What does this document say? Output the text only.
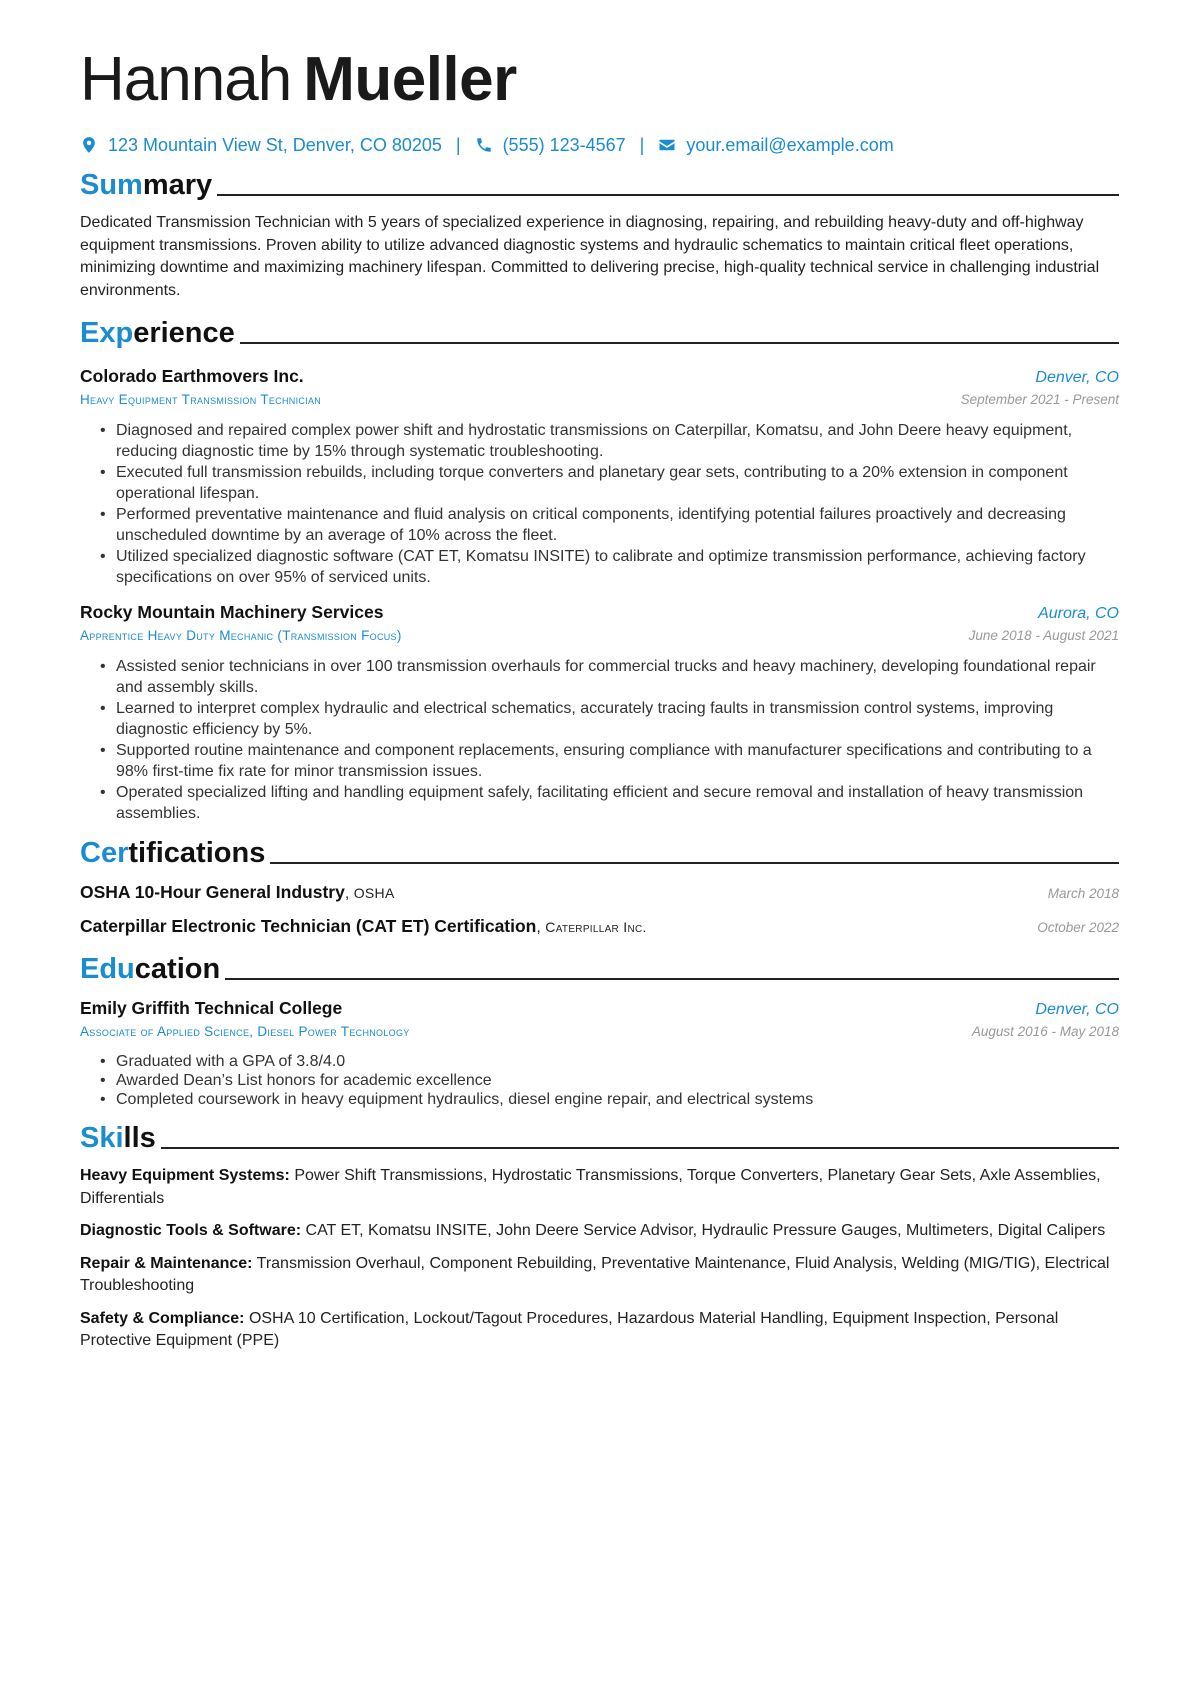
Hannah Mueller
123 Mountain View St, Denver, CO 80205 | (555) 123-4567 | your.email@example.com
Summary
Dedicated Transmission Technician with 5 years of specialized experience in diagnosing, repairing, and rebuilding heavy-duty and off-highway equipment transmissions. Proven ability to utilize advanced diagnostic systems and hydraulic schematics to maintain critical fleet operations, minimizing downtime and maximizing machinery lifespan. Committed to delivering precise, high-quality technical service in challenging industrial environments.
Experience
Colorado Earthmovers Inc.	Denver, CO
Heavy Equipment Transmission Technician	September 2021 - Present
• Diagnosed and repaired complex power shift and hydrostatic transmissions on Caterpillar, Komatsu, and John Deere heavy equipment, reducing diagnostic time by 15% through systematic troubleshooting.
• Executed full transmission rebuilds, including torque converters and planetary gear sets, contributing to a 20% extension in component operational lifespan.
• Performed preventative maintenance and fluid analysis on critical components, identifying potential failures proactively and decreasing unscheduled downtime by an average of 10% across the fleet.
• Utilized specialized diagnostic software (CAT ET, Komatsu INSITE) to calibrate and optimize transmission performance, achieving factory specifications on over 95% of serviced units.
Rocky Mountain Machinery Services	Aurora, CO
Apprentice Heavy Duty Mechanic (Transmission Focus)	June 2018 - August 2021
• Assisted senior technicians in over 100 transmission overhauls for commercial trucks and heavy machinery, developing foundational repair and assembly skills.
• Learned to interpret complex hydraulic and electrical schematics, accurately tracing faults in transmission control systems, improving diagnostic efficiency by 5%.
• Supported routine maintenance and component replacements, ensuring compliance with manufacturer specifications and contributing to a 98% first-time fix rate for minor transmission issues.
• Operated specialized lifting and handling equipment safely, facilitating efficient and secure removal and installation of heavy transmission assemblies.
Certifications
OSHA 10-Hour General Industry, OSHA	March 2018
Caterpillar Electronic Technician (CAT ET) Certification, Caterpillar Inc.	October 2022
Education
Emily Griffith Technical College	Denver, CO
Associate of Applied Science, Diesel Power Technology	August 2016 - May 2018
• Graduated with a GPA of 3.8/4.0
• Awarded Dean’s List honors for academic excellence
• Completed coursework in heavy equipment hydraulics, diesel engine repair, and electrical systems
Skills
Heavy Equipment Systems: Power Shift Transmissions, Hydrostatic Transmissions, Torque Converters, Planetary Gear Sets, Axle Assemblies, Differentials
Diagnostic Tools & Software: CAT ET, Komatsu INSITE, John Deere Service Advisor, Hydraulic Pressure Gauges, Multimeters, Digital Calipers
Repair & Maintenance: Transmission Overhaul, Component Rebuilding, Preventative Maintenance, Fluid Analysis, Welding (MIG/TIG), Electrical Troubleshooting
Safety & Compliance: OSHA 10 Certification, Lockout/Tagout Procedures, Hazardous Material Handling, Equipment Inspection, Personal Protective Equipment (PPE)
